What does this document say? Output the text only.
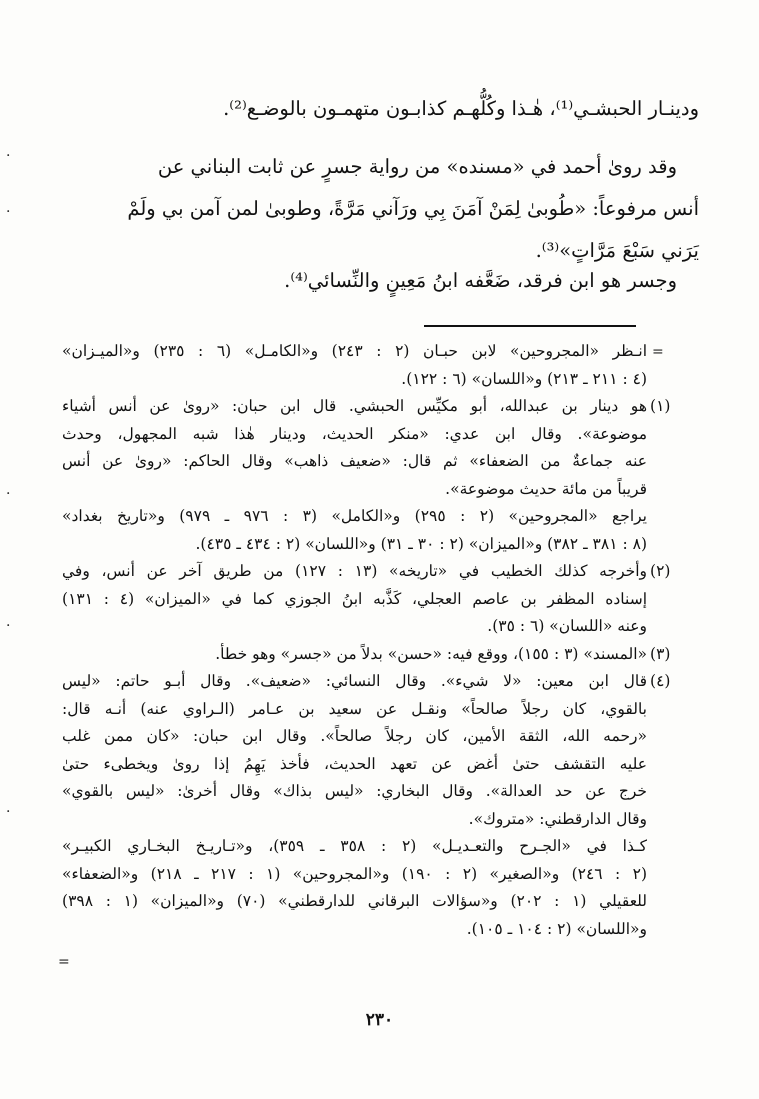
ودينـار الحبشـي⁽¹⁾، هٰـذا وكُلُّهـم كذابـون متهمـون بالوضـع⁽²⁾.

وقد روىٰ أحمد في «مسنده» من رواية جسرٍ عن ثابت البناني عن
أنس مرفوعاً: «طُوبىٰ لِمَنْ آمَنَ بِي ورَآني مَرَّةً، وطوبىٰ لمن آمن بي ولَمْ
يَرَني سَبْعَ مَرَّاتٍ»⁽³⁾.

وجسر هو ابن فرقد، ضَعَّفه ابنُ مَعِينٍ والنِّسائي⁽⁴⁾.

انـظر «المجروحين» لابن حبـان (٢ : ٢٤٣) و«الكامـل» (٦ : ٢٣٥) و«الميـزان»
(٤ : ٢١١ ـ ٢١٣) و«اللسان» (٦ : ١٢٢).
(١)
هو دينار بن عبدالله، أبو مكيِّس الحبشي. قال ابن حبان: «روىٰ عن أنس أشياء
موضوعة». وقال ابن عدي: «منكر الحديث، ودينار هٰذا شبه المجهول، وحدث
عنه جماعةٌ من الضعفاء» ثم قال: «ضعيف ذاهب» وقال الحاكم: «روىٰ عن أنس
قريباً من مائة حديث موضوعة».
يراجع «المجروحين» (٢ : ٢٩٥) و«الكامل» (٣ : ٩٧٦ ـ ٩٧٩) و«تاريخ بغداد»
(٨ : ٣٨١ ـ ٣٨٢) و«الميزان» (٢ : ٣٠ ـ ٣١) و«اللسان» (٢ : ٤٣٤ ـ ٤٣٥).
(٢)
وأخرجه كذلك الخطيب في «تاريخه» (١٣ : ١٢٧) من طريق آخر عن أنس، وفي
إسناده المظفر بن عاصم العجلي، كَذَّبه ابنُ الجوزي كما في «الميزان» (٤ : ١٣١)
وعنه «اللسان» (٦ : ٣٥).
(٣)
«المسند» (٣ : ١٥٥)، ووقع فيه: «حسن» بدلاً من «جسر» وهو خطأ.
(٤)
قال ابن معين: «لا شيء». وقال النسائي: «ضعيف». وقال أبـو حاتم: «ليس
بالقوي، كان رجلاً صالحاً» ونقـل عن سعيد بن عـامر (الـراوي عنه) أنـه قال:
«رحمه الله، الثقة الأمين، كان رجلاً صالحاً». وقال ابن حبان: «كان ممن غلب
عليه التقشف حتىٰ أغض عن تعهد الحديث، فأخذ يَهِمُ إذا روىٰ ويخطىء حتىٰ
خرج عن حد العدالة». وقال البخاري: «ليس بذاك» وقال أخرىٰ: «ليس بالقوي»
وقال الدارقطني: «متروك».
كـذا في «الجـرح والتعـديـل» (٢ : ٣٥٨ ـ ٣٥٩)، و«تـاريـخ البخـاري الكبيـر»
(٢ : ٢٤٦) و«الصغير» (٢ : ١٩٠) و«المجروحين» (١ : ٢١٧ ـ ٢١٨) و«الضعفاء»
للعقيلي (١ : ٢٠٢) و«سؤالات البرقاني للدارقطني» (٧٠) و«الميزان» (١ : ٣٩٨)
و«اللسان» (٢ : ١٠٤ ـ ١٠٥).
٢٣٠
=
=
·
·
·
·
·
